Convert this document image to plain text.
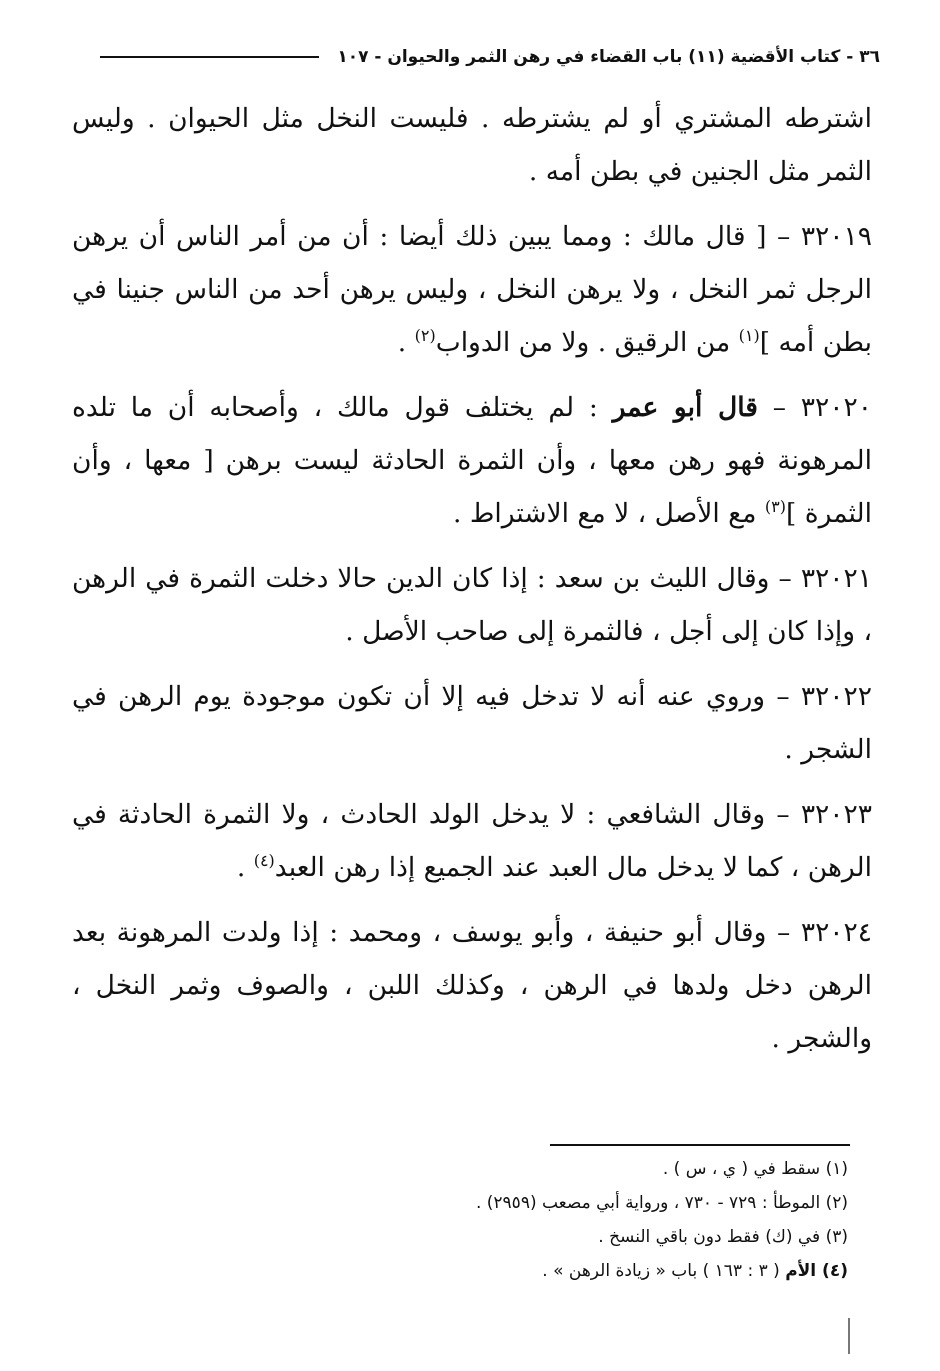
٣٦ - كتاب الأقضية (١١) باب القضاء في رهن الثمر والحيوان - ١٠٧

اشترطه المشتري أو لم يشترطه . فليست النخل مثل الحيوان . وليس الثمر مثل الجنين في بطن أمه .

٣٢٠١٩ – [ قال مالك : ومما يبين ذلك أيضا : أن من أمر الناس أن يرهن الرجل ثمر النخل ، ولا يرهن النخل ، وليس يرهن أحد من الناس جنينا في بطن أمه ]$^{(١)}$ من الرقيق . ولا من الدواب$^{(٢)}$ .

٣٢٠٢٠ – قال أبو عمر : لم يختلف قول مالك ، وأصحابه أن ما تلده المرهونة فهو رهن معها ، وأن الثمرة الحادثة ليست برهن [ معها ، وأن الثمرة ]$^{(٣)}$ مع الأصل ، لا مع الاشتراط .

٣٢٠٢١ – وقال الليث بن سعد : إذا كان الدين حالا دخلت الثمرة في الرهن ، وإذا كان إلى أجل ، فالثمرة إلى صاحب الأصل .

٣٢٠٢٢ – وروي عنه أنه لا تدخل فيه إلا أن تكون موجودة يوم الرهن في الشجر .

٣٢٠٢٣ – وقال الشافعي : لا يدخل الولد الحادث ، ولا الثمرة الحادثة في الرهن ، كما لا يدخل مال العبد عند الجميع إذا رهن العبد$^{(٤)}$ .

٣٢٠٢٤ – وقال أبو حنيفة ، وأبو يوسف ، ومحمد : إذا ولدت المرهونة بعد الرهن دخل ولدها في الرهن ، وكذلك اللبن ، والصوف وثمر النخل ، والشجر .

(١) سقط في ( ي ، س ) .

(٢) الموطأ : ٧٢٩ - ٧٣٠ ، ورواية أبي مصعب (٢٩٥٩) .

(٣) في (ك) فقط دون باقي النسخ .

(٤) الأم ( ٣ : ١٦٣ ) باب « زيادة الرهن » .
